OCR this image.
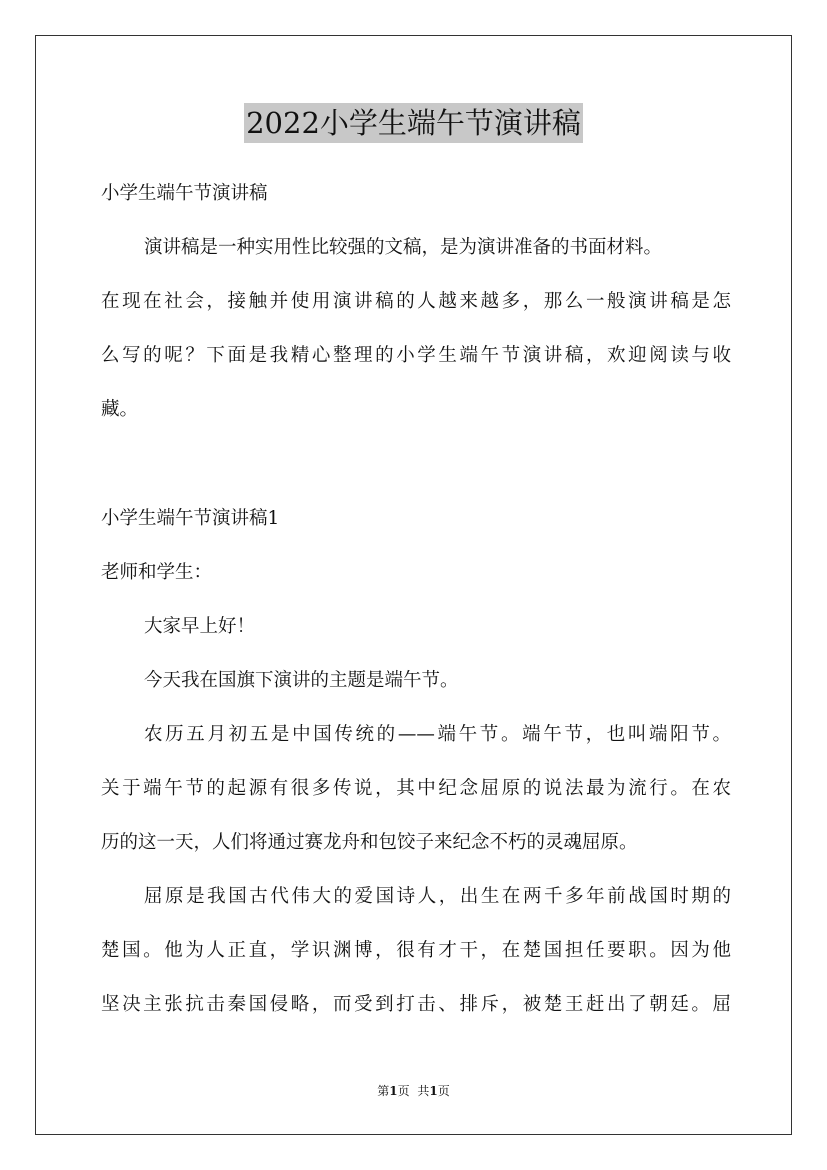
2022小学生端午节演讲稿
小学生端午节演讲稿
演讲稿是一种实用性比较强的文稿，是为演讲准备的书面材料。
在现在社会，接触并使用演讲稿的人越来越多，那么一般演讲稿是怎
么写的呢？下面是我精心整理的小学生端午节演讲稿，欢迎阅读与收
藏。
小学生端午节演讲稿1
老师和学生：
大家早上好！
今天我在国旗下演讲的主题是端午节。
农历五月初五是中国传统的——端午节。端午节，也叫端阳节。
关于端午节的起源有很多传说，其中纪念屈原的说法最为流行。在农
历的这一天，人们将通过赛龙舟和包饺子来纪念不朽的灵魂屈原。
屈原是我国古代伟大的爱国诗人，出生在两千多年前战国时期的
楚国。他为人正直，学识渊博，很有才干，在楚国担任要职。因为他
坚决主张抗击秦国侵略，而受到打击、排斥，被楚王赶出了朝廷。屈
第1页 共1页
